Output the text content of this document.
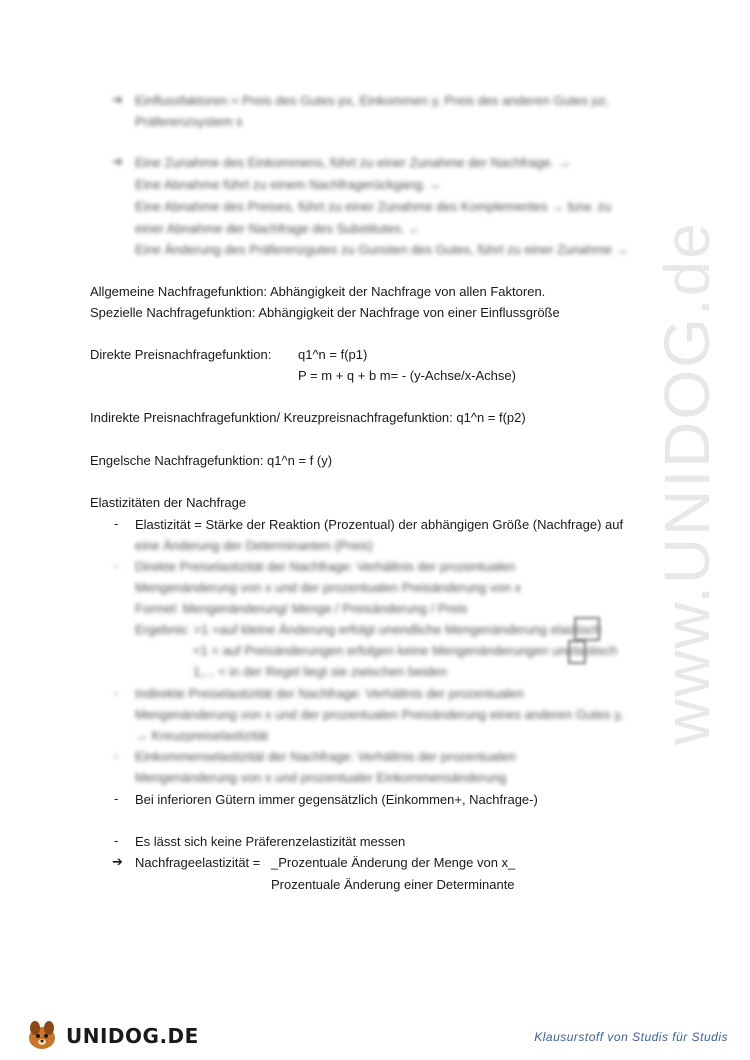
www.UNIDOG.de
➔ Einflussfaktoren = Preis des Gutes px, Einkommen y, Preis des anderen Gutes pz,
Präferenzsystem s
➔ Eine Zunahme des Einkommens, führt zu einer Zunahme der Nachfrage. →
Eine Abnahme führt zu einem Nachfragerückgang. ←
Eine Abnahme des Preises, führt zu einer Zunahme des Komplementes → bzw. zu
einer Abnahme der Nachfrage des Substitutes. ←
Eine Änderung des Präferenzgutes zu Gunsten des Gutes, führt zu einer Zunahme →
Allgemeine Nachfragefunktion: Abhängigkeit der Nachfrage von allen Faktoren.
Spezielle Nachfragefunktion: Abhängigkeit der Nachfrage von einer Einflussgröße
Direkte Preisnachfragefunktion: q1^n = f(p1)
P = m + q + b m= - (y-Achse/x-Achse)
Indirekte Preisnachfragefunktion/ Kreuzpreisnachfragefunktion: q1^n = f(p2)
Engelsche Nachfragefunktion: q1^n = f (y)
Elastizitäten der Nachfrage
- Elastizität = Stärke der Reaktion (Prozentual) der abhängigen Größe (Nachfrage) auf
eine Änderung der Determinanten (Preis)
- Direkte Preiselastizität der Nachfrage: Verhältnis der prozentualen
Mengenänderung von x und der prozentualen Preisänderung von x
Formel: Mengenänderung/ Menge / Preisänderung / Preis
Ergebnis: >1 =auf kleine Änderung erfolgt unendliche Mengenänderung elastisch
<1 = auf Preisänderungen erfolgen keine Mengenänderungen unelastisch
1,... = in der Regel liegt sie zwischen beiden
- Indirekte Preiselastizität der Nachfrage: Verhältnis der prozentualen
Mengenänderung von x und der prozentualen Preisänderung eines anderen Gutes y,
→ Kreuzpreiselastizität
- Einkommenselastizität der Nachfrage: Verhältnis der prozentualen
Mengenänderung von x und prozentualer Einkommensänderung
- Bei inferioren Gütern immer gegensätzlich (Einkommen+, Nachfrage-)
- Es lässt sich keine Präferenzelastizität messen
➔ Nachfrageelastizität = _Prozentuale Änderung der Menge von x_
Prozentuale Änderung einer Determinante
UNIDOG.DE	Klausurstoff von Studis für Studis
